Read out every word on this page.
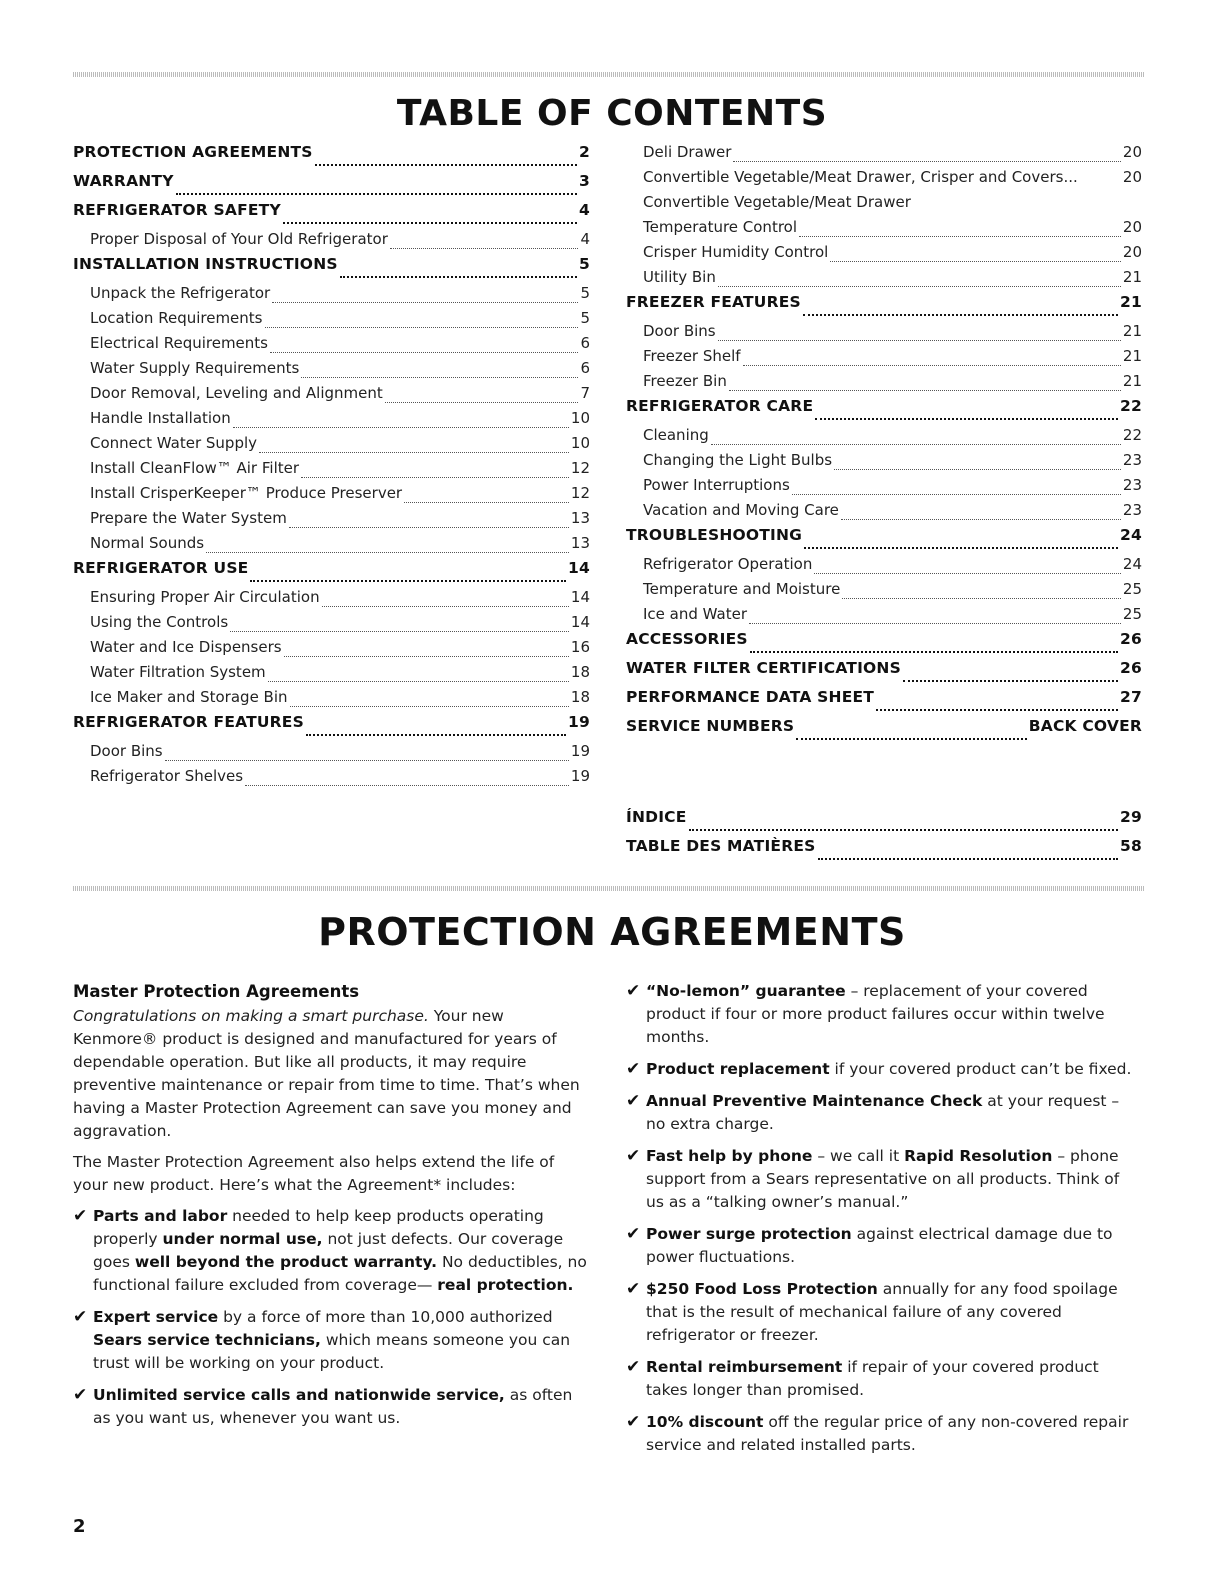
TABLE OF CONTENTS
PROTECTION AGREEMENTS	2
WARRANTY	3
REFRIGERATOR SAFETY	4
Proper Disposal of Your Old Refrigerator	4
INSTALLATION INSTRUCTIONS	5
Unpack the Refrigerator	5
Location Requirements	5
Electrical Requirements	6
Water Supply Requirements	6
Door Removal, Leveling and Alignment	7
Handle Installation	10
Connect Water Supply	10
Install CleanFlow™ Air Filter	12
Install CrisperKeeper™ Produce Preserver	12
Prepare the Water System	13
Normal Sounds	13
REFRIGERATOR USE	14
Ensuring Proper Air Circulation	14
Using the Controls	14
Water and Ice Dispensers	16
Water Filtration System	18
Ice Maker and Storage Bin	18
REFRIGERATOR FEATURES	19
Door Bins	19
Refrigerator Shelves	19
Deli Drawer	20
Convertible Vegetable/Meat Drawer, Crisper and Covers...	20
Convertible Vegetable/Meat Drawer
Temperature Control	20
Crisper Humidity Control	20
Utility Bin	21
FREEZER FEATURES	21
Door Bins	21
Freezer Shelf	21
Freezer Bin	21
REFRIGERATOR CARE	22
Cleaning	22
Changing the Light Bulbs	23
Power Interruptions	23
Vacation and Moving Care	23
TROUBLESHOOTING	24
Refrigerator Operation	24
Temperature and Moisture	25
Ice and Water	25
ACCESSORIES	26
WATER FILTER CERTIFICATIONS	26
PERFORMANCE DATA SHEET	27
SERVICE NUMBERS	BACK COVER
ÍNDICE	29
TABLE DES MATIÈRES	58
PROTECTION AGREEMENTS
Master Protection Agreements

Congratulations on making a smart purchase. Your new Kenmore® product is designed and manufactured for years of dependable operation. But like all products, it may require preventive maintenance or repair from time to time. That’s when having a Master Protection Agreement can save you money and aggravation.

The Master Protection Agreement also helps extend the life of your new product. Here’s what the Agreement* includes:

✔ Parts and labor needed to help keep products operating properly under normal use, not just defects. Our coverage goes well beyond the product warranty. No deductibles, no functional failure excluded from coverage— real protection.
✔ Expert service by a force of more than 10,000 authorized Sears service technicians, which means someone you can trust will be working on your product.
✔ Unlimited service calls and nationwide service, as often as you want us, whenever you want us.
✔ “No-lemon” guarantee – replacement of your covered product if four or more product failures occur within twelve months.
✔ Product replacement if your covered product can’t be fixed.
✔ Annual Preventive Maintenance Check at your request – no extra charge.
✔ Fast help by phone – we call it Rapid Resolution – phone support from a Sears representative on all products. Think of us as a “talking owner’s manual.”
✔ Power surge protection against electrical damage due to power fluctuations.
✔ $250 Food Loss Protection annually for any food spoilage that is the result of mechanical failure of any covered refrigerator or freezer.
✔ Rental reimbursement if repair of your covered product takes longer than promised.
✔ 10% discount off the regular price of any non-covered repair service and related installed parts.
2
